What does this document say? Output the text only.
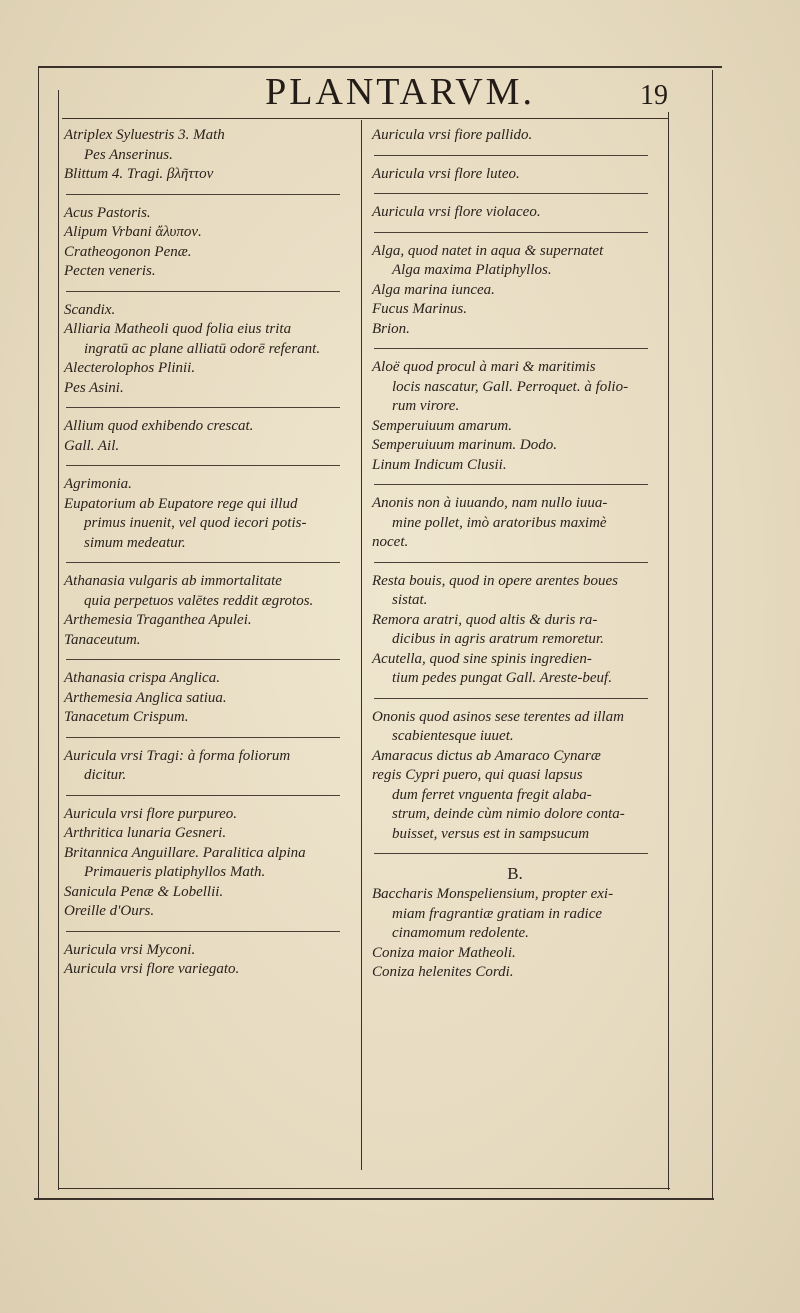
PLANTARVM.	19
Atriplex Syluestris 3. Math
Pes Anserinus.
Blittum 4. Tragi. βλῆττον
Acus Pastoris.
Alipum Vrbani ἄλυπον.
Cratheogonon Penæ.
Pecten veneris.
Scandix.
Alliaria Matheoli quod folia eius trita
ingratū ac plane alliatū odorē referant.
Alecterolophos Plinii.
Pes Asini.
Allium quod exhibendo crescat.
Gall. Ail.
Agrimonia.
Eupatorium ab Eupatore rege qui illud
primus inuenit, vel quod iecori potis-
simum medeatur.
Athanasia vulgaris ab immortalitate
quia perpetuos valētes reddit ægrotos.
Arthemesia Traganthea Apulei.
Tanaceutum.
Athanasia crispa Anglica.
Arthemesia Anglica satiua.
Tanacetum Crispum.
Auricula vrsi Tragi: à forma foliorum
dicitur.
Auricula vrsi flore purpureo.
Arthritica lunaria Gesneri.
Britannica Anguillare. Paralitica alpina
Primaueris platiphyllos Math.
Sanicula Penæ & Lobellii.
Oreille d'Ours.
Auricula vrsi Myconi.
Auricula vrsi flore variegato.
Auricula vrsi fiore pallido.
Auricula vrsi flore luteo.
Auricula vrsi flore violaceo.
Alga, quod natet in aqua & supernatet
Alga maxima Platiphyllos.
Alga marina iuncea.
Fucus Marinus.
Brion.
Aloë quod procul à mari & maritimis
locis nascatur, Gall. Perroquet. à folio-
rum virore.
Semperuiuum amarum.
Semperuiuum marinum. Dodo.
Linum Indicum Clusii.
Anonis non à iuuando, nam nullo iuua-
mine pollet, imò aratoribus maximè
nocet.
Resta bouis, quod in opere arentes boues
sistat.
Remora aratri, quod altis & duris ra-
dicibus in agris aratrum remoretur.
Acutella, quod sine spinis ingredien-
tium pedes pungat Gall. Areste-beuf.
Ononis quod asinos sese terentes ad illam
scabientesque iuuet.
Amaracus dictus ab Amaraco Cynaræ
regis Cypri puero, qui quasi lapsus
dum ferret vnguenta fregit alaba-
strum, deinde cùm nimio dolore conta-
buisset, versus est in sampsucum
B.
Baccharis Monspeliensium, propter exi-
miam fragrantiæ gratiam in radice
cinamomum redolente.
Coniza maior Matheoli.
Coniza helenites Cordi.
